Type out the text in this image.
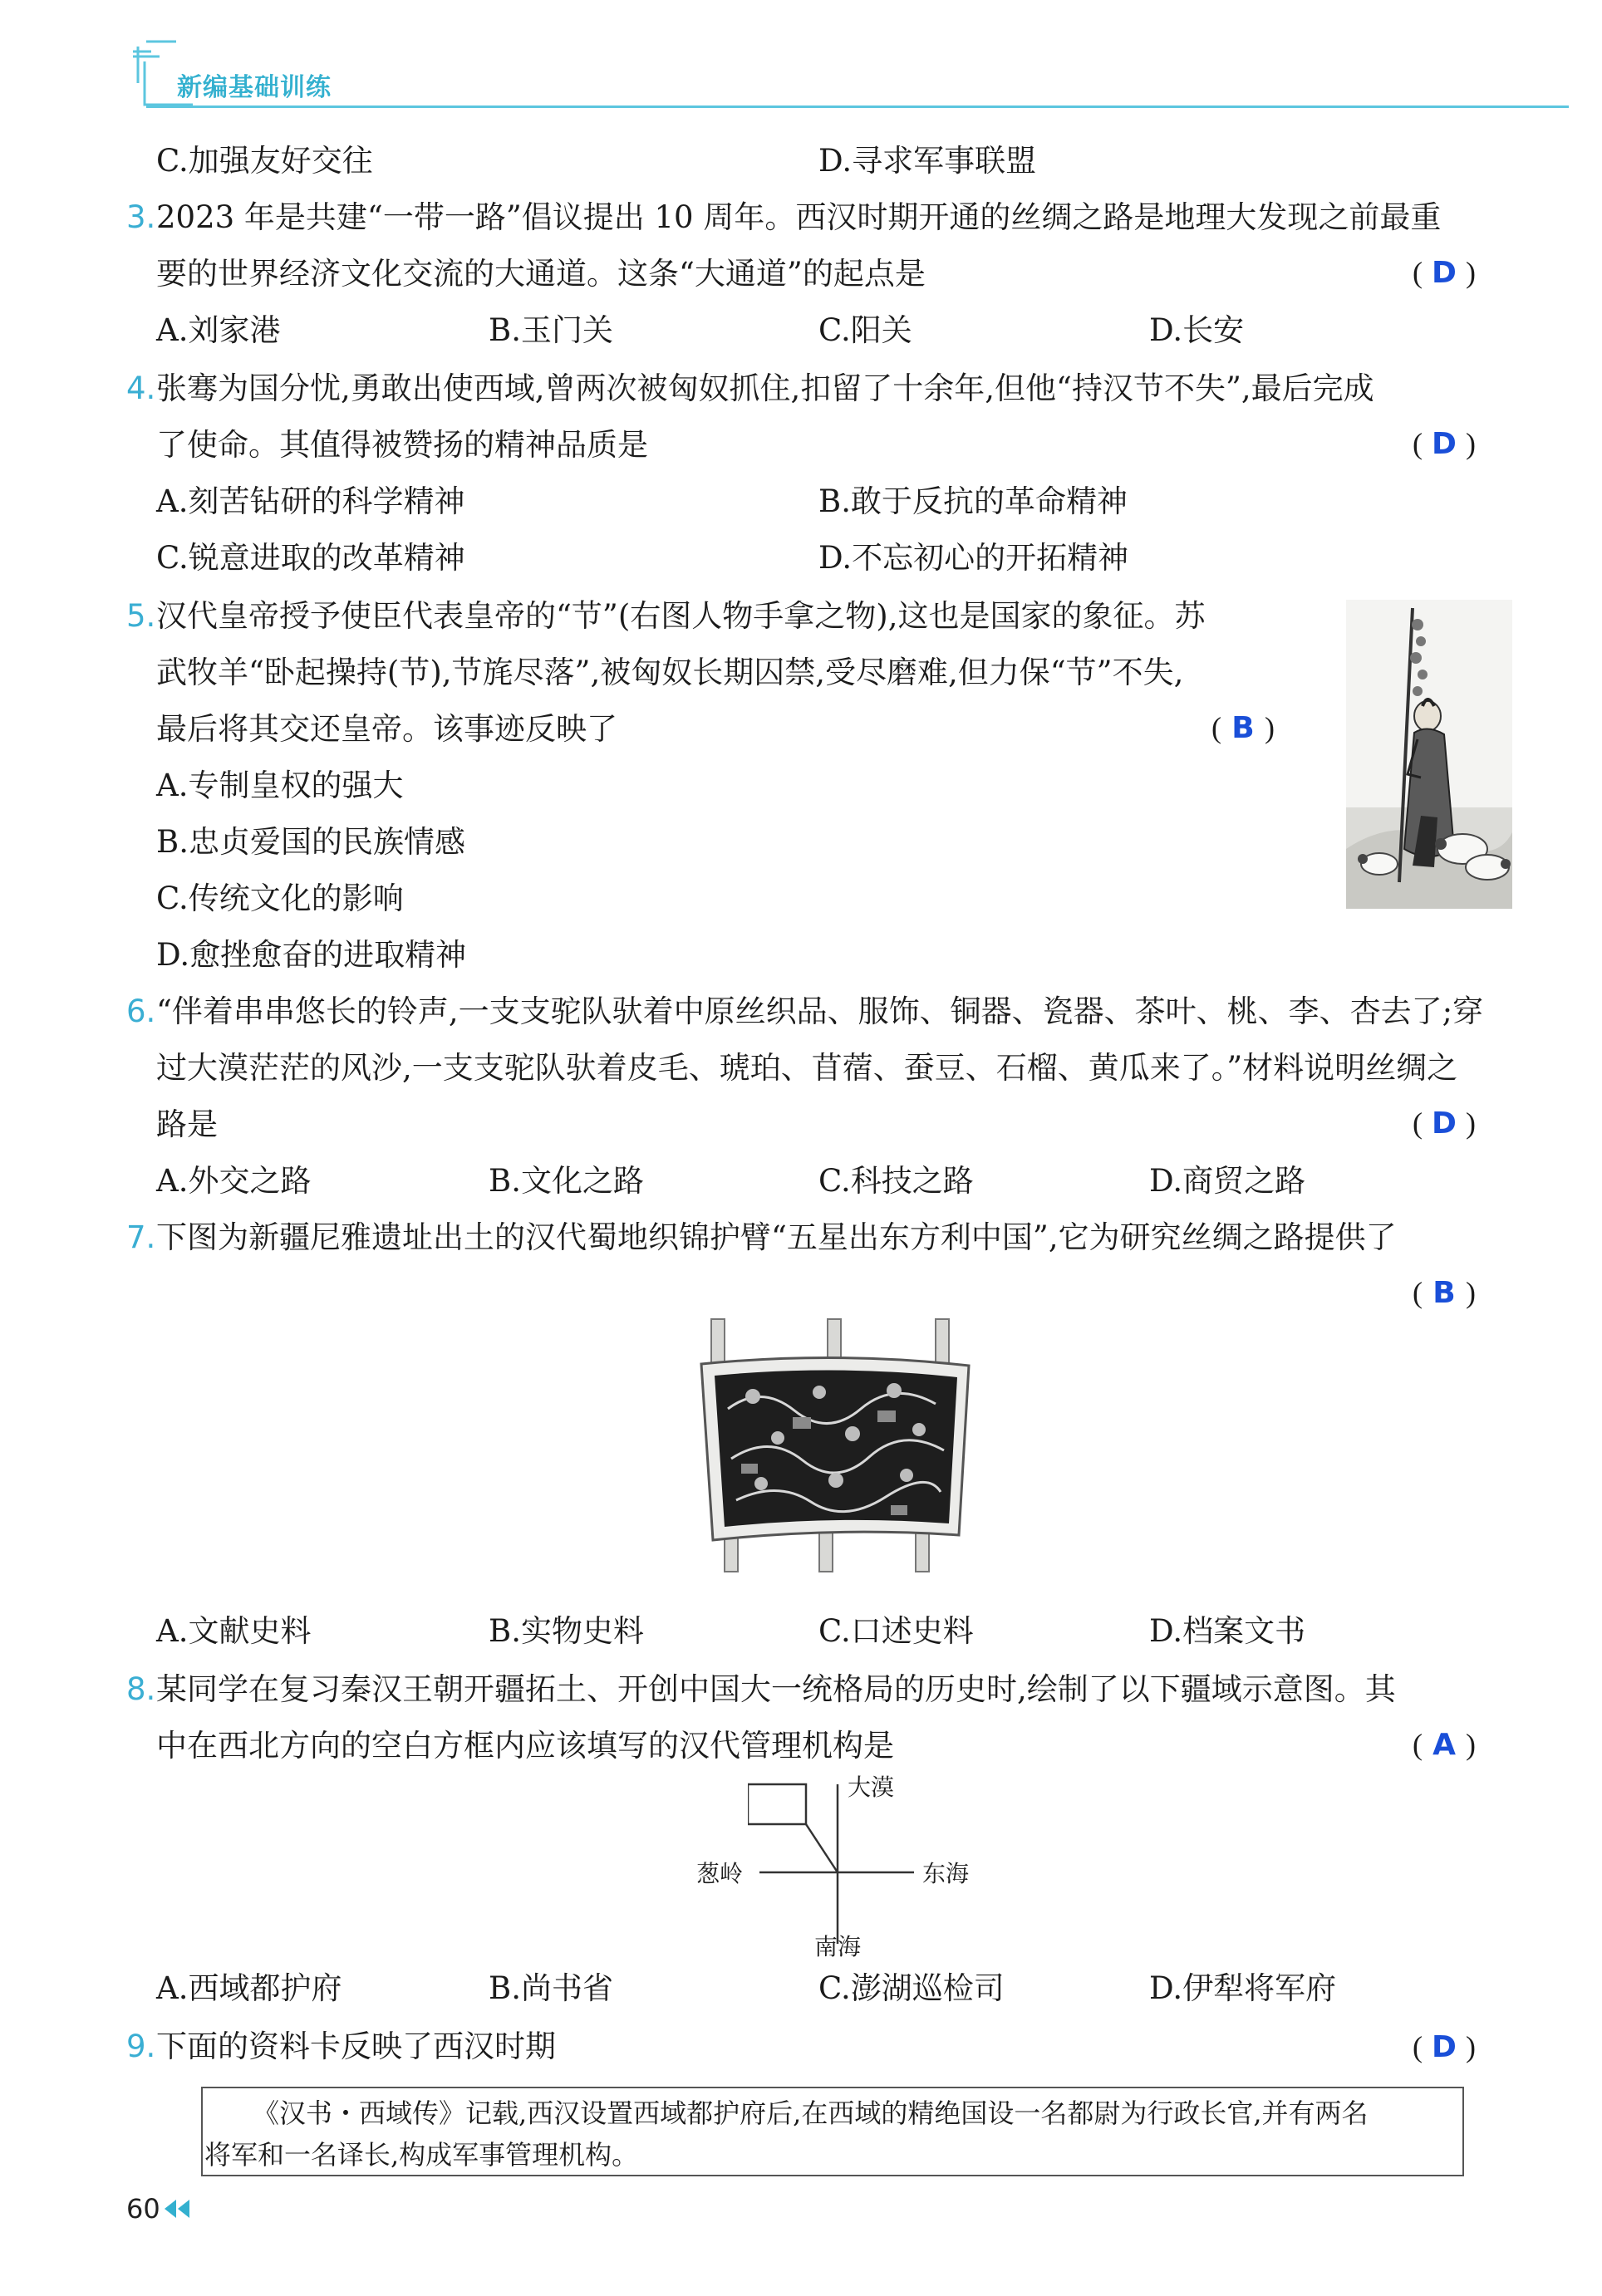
新编基础训练
C.加强友好交往	D.寻求军事联盟
3. 2023 年是共建“一带一路”倡议提出 10 周年。西汉时期开通的丝绸之路是地理大发现之前最重
要的世界经济文化交流的大通道。这条“大通道”的起点是	( D )
A.刘家港	B.玉门关	C.阳关	D.长安
4. 张骞为国分忧,勇敢出使西域,曾两次被匈奴抓住,扣留了十余年,但他“持汉节不失”,最后完成
了使命。其值得被赞扬的精神品质是	( D )
A.刻苦钻研的科学精神	B.敢于反抗的革命精神
C.锐意进取的改革精神	D.不忘初心的开拓精神
5. 汉代皇帝授予使臣代表皇帝的“节”(右图人物手拿之物),这也是国家的象征。苏
武牧羊“卧起操持(节),节旄尽落”,被匈奴长期囚禁,受尽磨难,但力保“节”不失,
最后将其交还皇帝。该事迹反映了	( B )
A.专制皇权的强大
B.忠贞爱国的民族情感
C.传统文化的影响
D.愈挫愈奋的进取精神
6. “伴着串串悠长的铃声,一支支驼队驮着中原丝织品、服饰、铜器、瓷器、茶叶、桃、李、杏去了;穿
过大漠茫茫的风沙,一支支驼队驮着皮毛、琥珀、苜蓿、蚕豆、石榴、黄瓜来了。”材料说明丝绸之
路是	( D )
A.外交之路	B.文化之路	C.科技之路	D.商贸之路
7. 下图为新疆尼雅遗址出土的汉代蜀地织锦护臂“五星出东方利中国”,它为研究丝绸之路提供了
( B )
A.文献史料	B.实物史料	C.口述史料	D.档案文书
8. 某同学在复习秦汉王朝开疆拓土、开创中国大一统格局的历史时,绘制了以下疆域示意图。其
中在西北方向的空白方框内应该填写的汉代管理机构是	( A )
大漠
葱岭	东海
南海
A.西域都护府	B.尚书省	C.澎湖巡检司	D.伊犁将军府
9. 下面的资料卡反映了西汉时期	( D )
《汉书・西域传》记载,西汉设置西域都护府后,在西域的精绝国设一名都尉为行政长官,并有两名
将军和一名译长,构成军事管理机构。
60
